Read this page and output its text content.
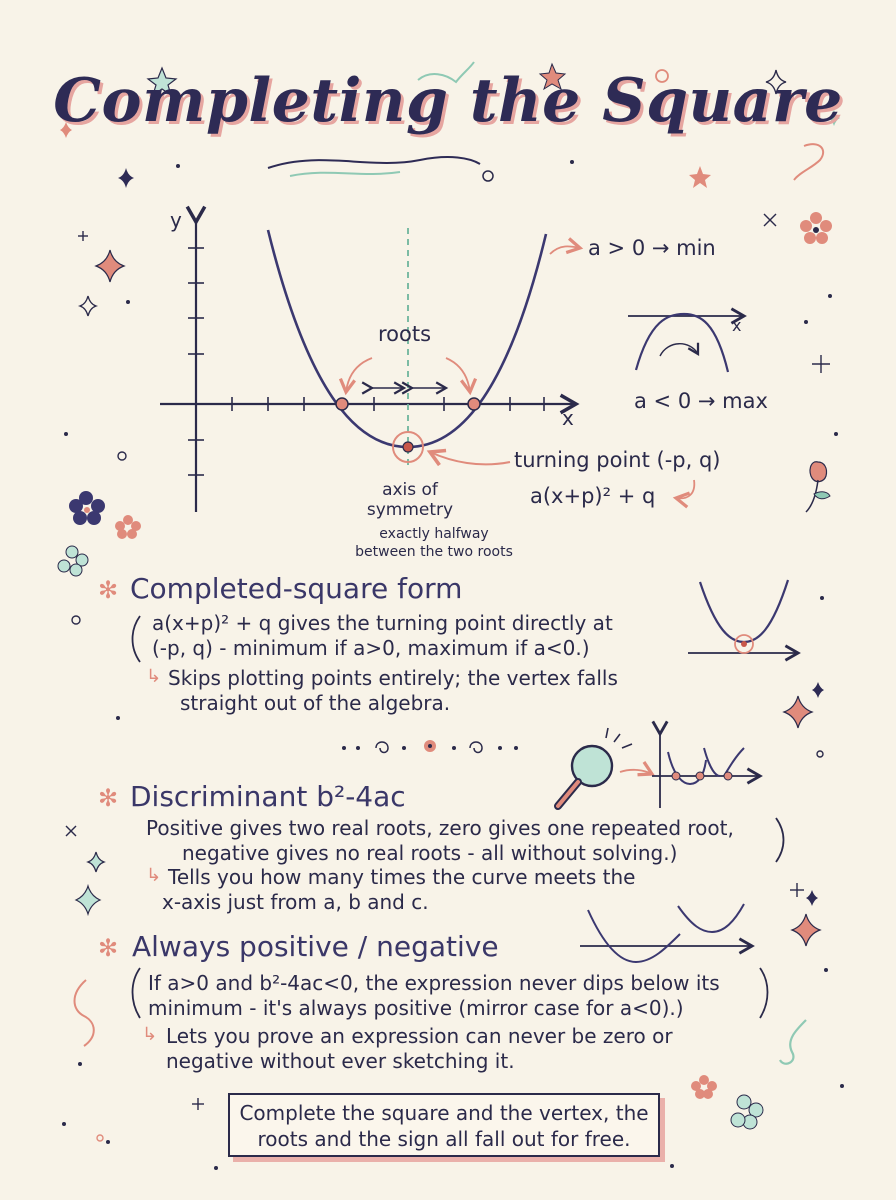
Completing the Square
y
x
roots
turning point (-p, q)
a(x+p)² + q
axis of
symmetry
exactly halfway
between the two roots
a > 0 → min
a < 0 → max
x
✻ Completed-square form
a(x+p)² + q gives the turning point directly at
(-p, q) - minimum if a>0, maximum if a<0.)
↳ Skips plotting points entirely; the vertex falls
straight out of the algebra.
✻ Discriminant b²-4ac
Positive gives two real roots, zero gives one repeated root,
negative gives no real roots - all without solving.)
↳ Tells you how many times the curve meets the
x-axis just from a, b and c.
✻ Always positive / negative
If a>0 and b²-4ac<0, the expression never dips below its
minimum - it's always positive (mirror case for a<0).)
↳ Lets you prove an expression can never be zero or
negative without ever sketching it.
Complete the square and the vertex, the
roots and the sign all fall out for free.
